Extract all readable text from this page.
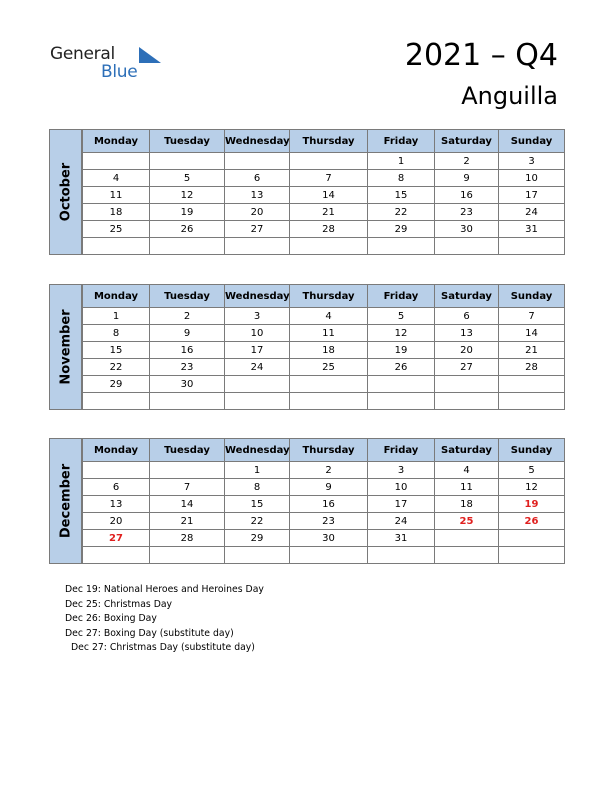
General
Blue	2021 – Q4
Anguilla
October
Monday	Tuesday	Wednesday	Thursday	Friday	Saturday	Sunday
				1	2	3
4	5	6	7	8	9	10
11	12	13	14	15	16	17
18	19	20	21	22	23	24
25	26	27	28	29	30	31

November
Monday	Tuesday	Wednesday	Thursday	Friday	Saturday	Sunday
1	2	3	4	5	6	7
8	9	10	11	12	13	14
15	16	17	18	19	20	21
22	23	24	25	26	27	28
29	30					

December
Monday	Tuesday	Wednesday	Thursday	Friday	Saturday	Sunday
		1	2	3	4	5
6	7	8	9	10	11	12
13	14	15	16	17	18	19
20	21	22	23	24	25	26
27	28	29	30	31		

Dec 19: National Heroes and Heroines Day
Dec 25: Christmas Day
Dec 26: Boxing Day
Dec 27: Boxing Day (substitute day)
Dec 27: Christmas Day (substitute day)
